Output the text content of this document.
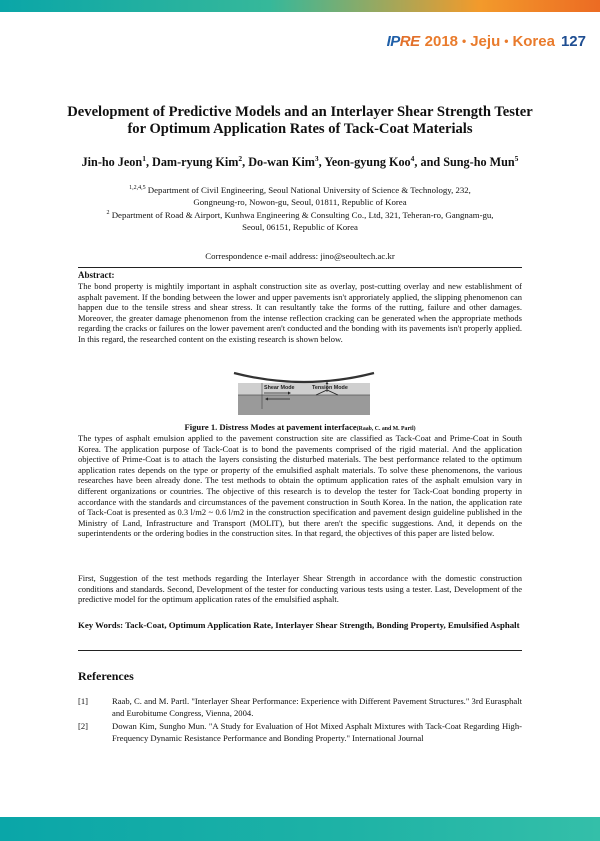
IPRE 2018 • Jeju • Korea 127
Development of Predictive Models and an Interlayer Shear Strength Tester
for Optimum Application Rates of Tack-Coat Materials
Jin-ho Jeon$^1$, Dam-ryung Kim$^2$, Do-wan Kim$^3$, Yeon-gyung Koo$^4$, and Sung-ho Mun$^5$
$^{1,2,4,5}$ Department of Civil Engineering, Seoul National University of Science & Technology, 232,
Gongneung-ro, Nowon-gu, Seoul, 01811, Republic of Korea
$^2$ Department of Road & Airport, Kunhwa Engineering & Consulting Co., Ltd, 321, Teheran-ro, Gangnam-gu,
Seoul, 06151, Republic of Korea
Correspondence e-mail address: jino@seoultech.ac.kr
Abstract:

The bond property is mightily important in asphalt construction site as overlay, post-cutting overlay and new establishment of asphalt pavement. If the bonding between the lower and upper pavements isn't approriately applied, the slipping phenomenon can happen due to the tensile stress and shear stress. It can resultantly take the forms of the rutting, failure and other damages. Moreover, the greater damage phenomenon from the intense reflection cracking can be generated when the appropriate methods regarding the cracks or failures on the lower pavement aren't conducted and the bonding with its pavements isn't properly applied. In this regard, the researched content on the existing research is shown below.

Shear Mode	Tension Mode
Figure 1. Distress Modes at pavement interface(Raab, C. and M. Partl)

The types of asphalt emulsion applied to the pavement construction site are classified as Tack-Coat and Prime-Coat in South Korea. The application purpose of Tack-Coat is to bond the pavements comprised of the rigid material. And the application objective of Prime-Coat is to attach the layers consisting the disturbed materials. The best performance related to the optimum application rates depends on the type or property of the emulsified asphalt materials. To solve these phenomenons, the various researches have been already done. The test methods to obtain the optimum application rates of the asphalt emulsion vary in different organizations or countries. The objective of this research is to develop the tester for Tack-Coat bonding property in accordance with the standards and circumstances of the pavement construction in South Korea. In the nation, the application rate of Tack-Coat is presented as 0.3 l/m2 ~ 0.6 l/m2 in the construction specification and pavement design guideline published in the Ministry of Land, Infrastructure and Transport (MOLIT), but there aren't the specific suggestions. And, it depends on the superintendents or the ordering bodies in the construction sites. In that regard, the objectives of this paper are listed below.

First, Suggestion of the test methods regarding the Interlayer Shear Strength in accordance with the domestic construction conditions and standards. Second, Development of the tester for conducting various tests using a tester. Last, Development of the predictive model for the optimum application rates of the emulsified asphalt.

Key Words: Tack-Coat, Optimum Application Rate, Interlayer Shear Strength, Bonding Property, Emulsified Asphalt
References
[1]	Raab, C. and M. Partl. "Interlayer Shear Performance: Experience with Different Pavement Structures." 3rd Eurasphalt and Eurobitume Congress, Vienna, 2004.
[2]	Dowan Kim, Sungho Mun. "A Study for Evaluation of Hot Mixed Asphalt Mixtures with Tack-Coat Regarding High-Frequency Dynamic Resistance Performance and Bonding Property." International Journal
